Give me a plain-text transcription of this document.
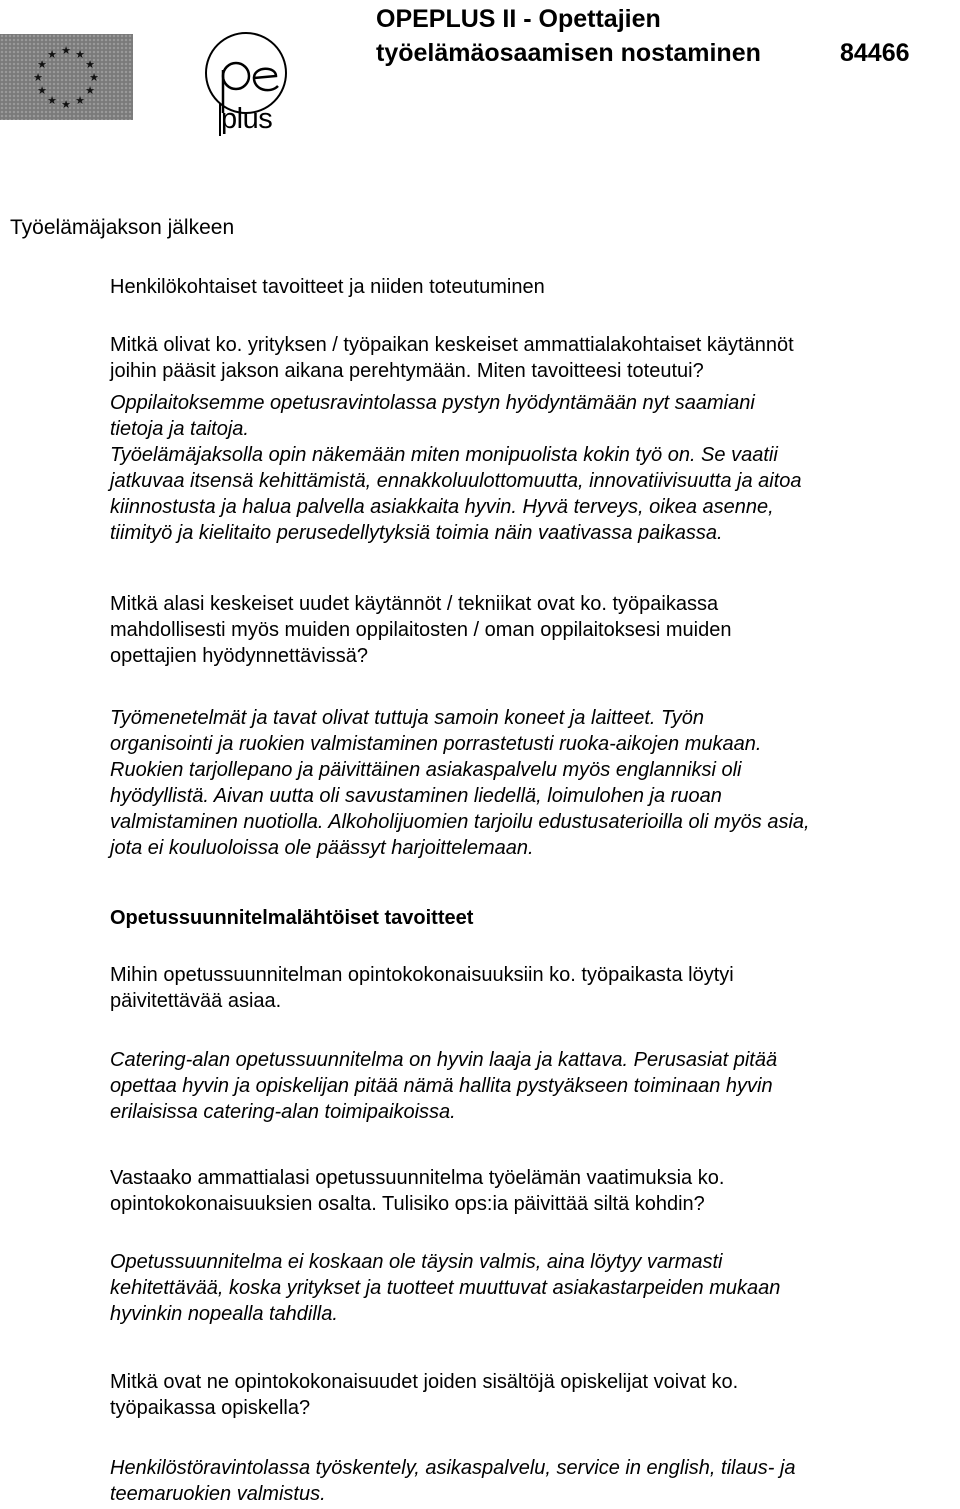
★ ★
★
★
★
★
★
★
★
★
★
★
plus
OPEPLUS II - Opettajien
työelämäosaamisen nostaminen	84466
Työelämäjakson jälkeen
Henkilökohtaiset tavoitteet ja niiden toteutuminen
Mitkä olivat ko. yrityksen / työpaikan keskeiset ammattialakohtaiset käytännöt
joihin pääsit jakson aikana perehtymään. Miten tavoitteesi toteutui?
Oppilaitoksemme opetusravintolassa pystyn hyödyntämään nyt saamiani
tietoja ja taitoja.
Työelämäjaksolla opin näkemään miten monipuolista kokin työ on. Se vaatii
jatkuvaa itsensä kehittämistä, ennakkoluulottomuutta, innovatiivisuutta ja aitoa
kiinnostusta ja halua palvella asiakkaita hyvin. Hyvä terveys, oikea asenne,
tiimityö ja kielitaito perusedellytyksiä toimia näin vaativassa paikassa.
Mitkä alasi keskeiset uudet käytännöt / tekniikat ovat ko. työpaikassa
mahdollisesti myös muiden oppilaitosten / oman oppilaitoksesi muiden
opettajien hyödynnettävissä?
Työmenetelmät ja tavat olivat tuttuja samoin koneet ja laitteet. Työn
organisointi ja ruokien valmistaminen porrastetusti ruoka-aikojen mukaan.
Ruokien tarjollepano ja päivittäinen asiakaspalvelu myös englanniksi oli
hyödyllistä. Aivan uutta oli savustaminen liedellä, loimulohen ja ruoan
valmistaminen nuotiolla. Alkoholijuomien tarjoilu edustusaterioilla oli myös asia,
jota ei kouluoloissa ole päässyt harjoittelemaan.
Opetussuunnitelmalähtöiset tavoitteet
Mihin opetussuunnitelman opintokokonaisuuksiin ko. työpaikasta löytyi
päivitettävää asiaa.
Catering-alan opetussuunnitelma on hyvin laaja ja kattava. Perusasiat pitää
opettaa hyvin ja opiskelijan pitää nämä hallita pystyäkseen toiminaan hyvin
erilaisissa catering-alan toimipaikoissa.
Vastaako ammattialasi opetussuunnitelma työelämän vaatimuksia ko.
opintokokonaisuuksien osalta. Tulisiko ops:ia päivittää siltä kohdin?
Opetussuunnitelma ei koskaan ole täysin valmis, aina löytyy varmasti
kehitettävää, koska yritykset ja tuotteet muuttuvat asiakastarpeiden mukaan
hyvinkin nopealla tahdilla.
Mitkä ovat ne opintokokonaisuudet joiden sisältöjä opiskelijat voivat ko.
työpaikassa opiskella?
Henkilöstöravintolassa työskentely, asikaspalvelu, service in english, tilaus- ja
teemaruokien valmistus.
